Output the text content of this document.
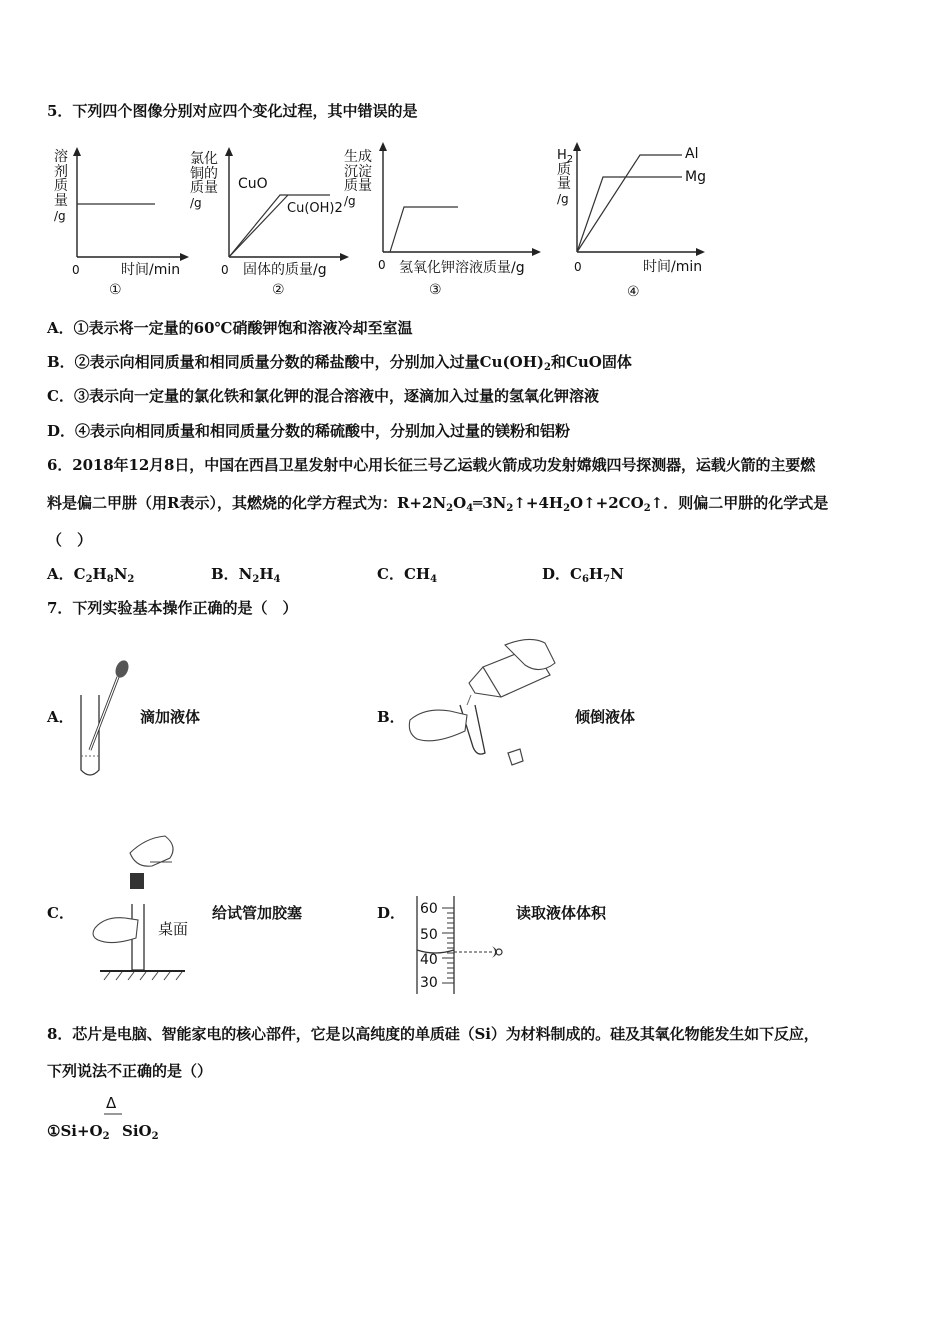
5．下列四个图像分别对应四个变化过程，其中错误的是
溶
剂
质
量
/g
0	时间/min
①
氯化
铜的
质量
/g
CuO
Cu(OH)2
0 固体的质量/g
②
生成
沉淀
质量
/g
0 氢氧化钾溶液质量/g
③
$H_2$
质
量
/g
Al
Mg
0	时间/min
④
A．①表示将一定量的60℃硝酸钾饱和溶液冷却至室温
B．②表示向相同质量和相同质量分数的稀盐酸中，分别加入过量$Cu(OH)_2$和CuO固体
C．③表示向一定量的氯化铁和氯化钾的混合溶液中，逐滴加入过量的氢氧化钾溶液
D．④表示向相同质量和相同质量分数的稀硫酸中，分别加入过量的镁粉和铝粉
6．2018年12月8日，中国在西昌卫星发射中心用长征三号乙运载火箭成功发射嫦娥四号探测器，运载火箭的主要燃
料是偏二甲肼（用R表示），其燃烧的化学方程式为：$R+2N_2O_4═3N_2↑+4H_2O↑+2CO_2↑$．则偏二甲肼的化学式是
（　）
A．$C_2H_8N_2$	B．$N_2H_4$	C．$CH_4$	D．$C_6H_7N$
7．下列实验基本操作正确的是（　）
A．	滴加液体	B．	倾倒液体
C．
桌面
给试管加胶塞	D． 60
50
40
30
读取液体体积
8．芯片是电脑、智能家电的核心部件，它是以高纯度的单质硅（Si）为材料制成的。硅及其氧化物能发生如下反应，
下列说法不正确的是（）
Δ
$①Si+O_2$ SiO$_2$
